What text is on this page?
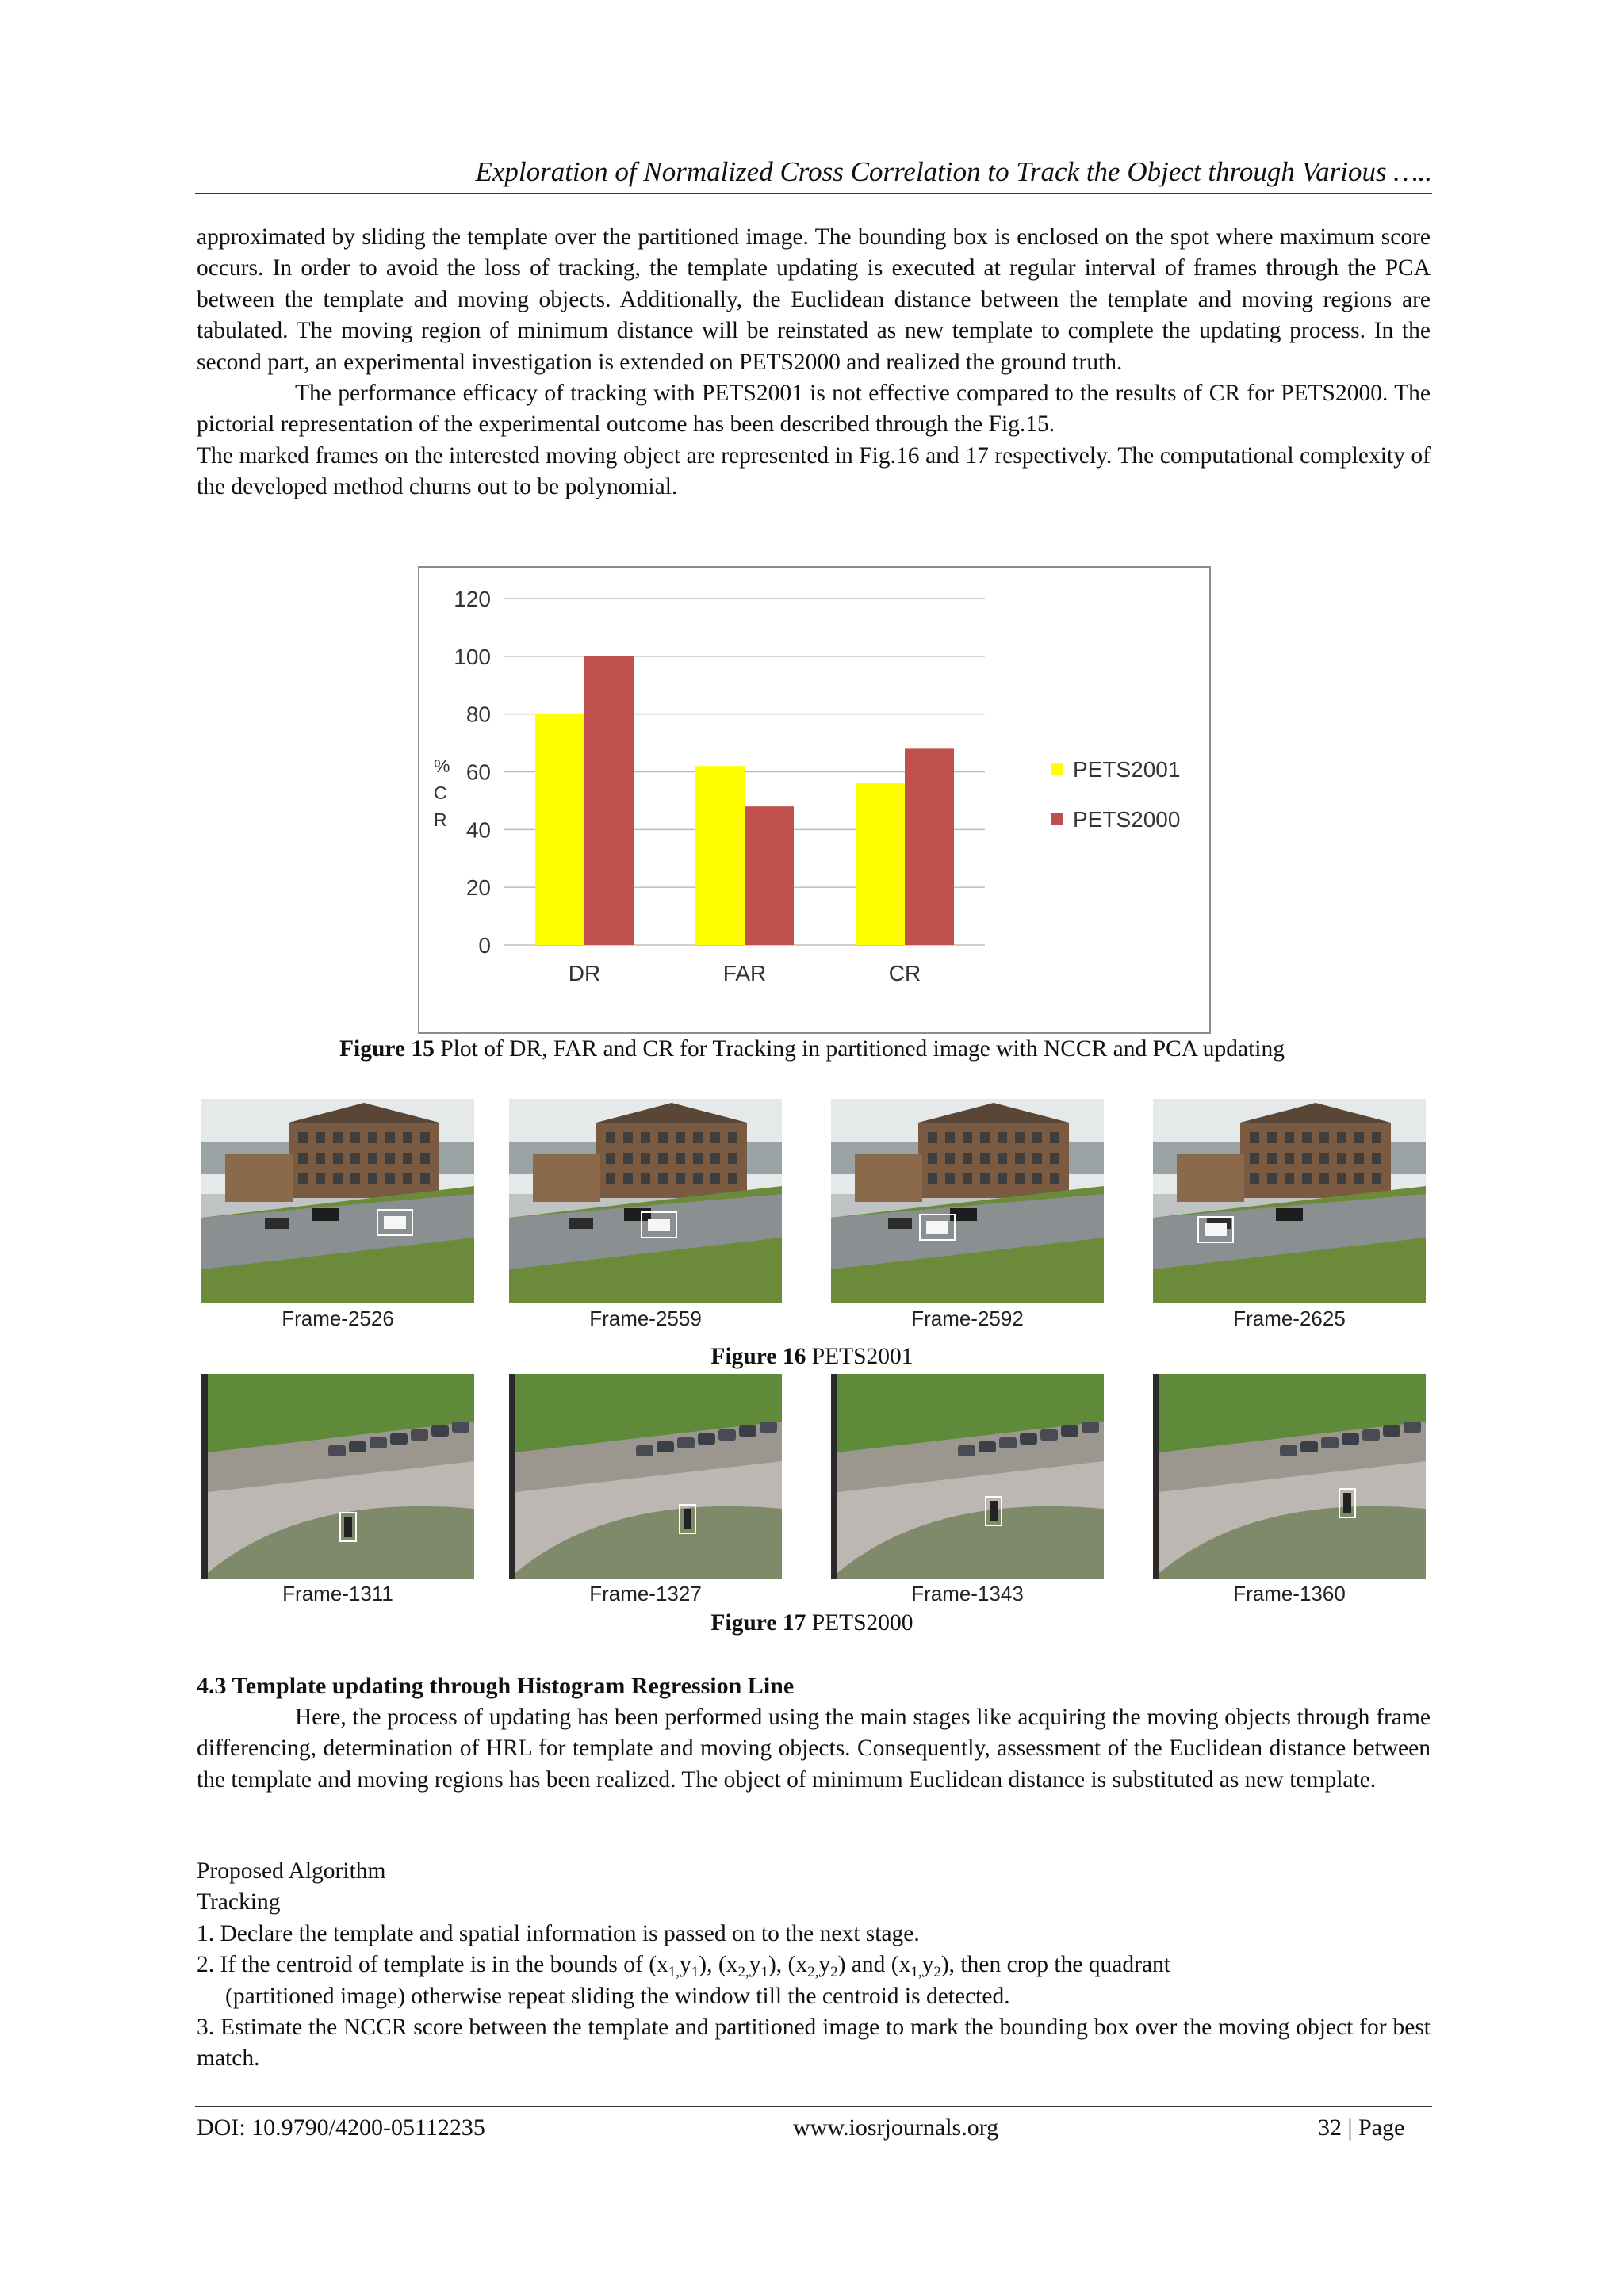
Exploration of Normalized Cross Correlation to Track the Object through Various …..

approximated by sliding the template over the partitioned image. The bounding box is enclosed on the spot where maximum score occurs. In order to avoid the loss of tracking, the template updating is executed at regular interval of frames through the PCA between the template and moving objects. Additionally, the Euclidean distance between the template and moving regions are tabulated. The moving region of minimum distance will be reinstated as new template to complete the updating process. In the second part, an experimental investigation is extended on PETS2000 and realized the ground truth.

The performance efficacy of tracking with PETS2001 is not effective compared to the results of CR for PETS2000. The pictorial representation of the experimental outcome has been described through the Fig.15.

The marked frames on the interested moving object are represented in Fig.16 and 17 respectively. The computational complexity of the developed method churns out to be polynomial.

0
20
40
60
80
100
120
%
C
R
DR	FAR	CR
PETS2001
PETS2000
Figure 15 Plot of DR, FAR and CR for Tracking in partitioned image with NCCR and PCA updating
Frame-2526	Frame-2559	Frame-2592	Frame-2625
Figure 16 PETS2001
Frame-1311	Frame-1327	Frame-1343	Frame-1360
Figure 17 PETS2000
4.3 Template updating through Histogram Regression Line

Here, the process of updating has been performed using the main stages like acquiring the moving objects through frame differencing, determination of HRL for template and moving objects. Consequently, assessment of the Euclidean distance between the template and moving regions has been realized. The object of minimum Euclidean distance is substituted as new template.

Proposed Algorithm
Tracking
1. Declare the template and spatial information is passed on to the next stage.
2. If the centroid of template is in the bounds of $(x_{1,}y_1)$, $(x_{2,}y_1)$, $(x_{2,}y_2)$ and $(x_{1,}y_2)$, then crop the quadrant
(partitioned image) otherwise repeat sliding the window till the centroid is detected.
3. Estimate the NCCR score between the template and partitioned image to mark the bounding box over the moving object for best match.
DOI: 10.9790/4200-05112235	www.iosrjournals.org	32 | Page
